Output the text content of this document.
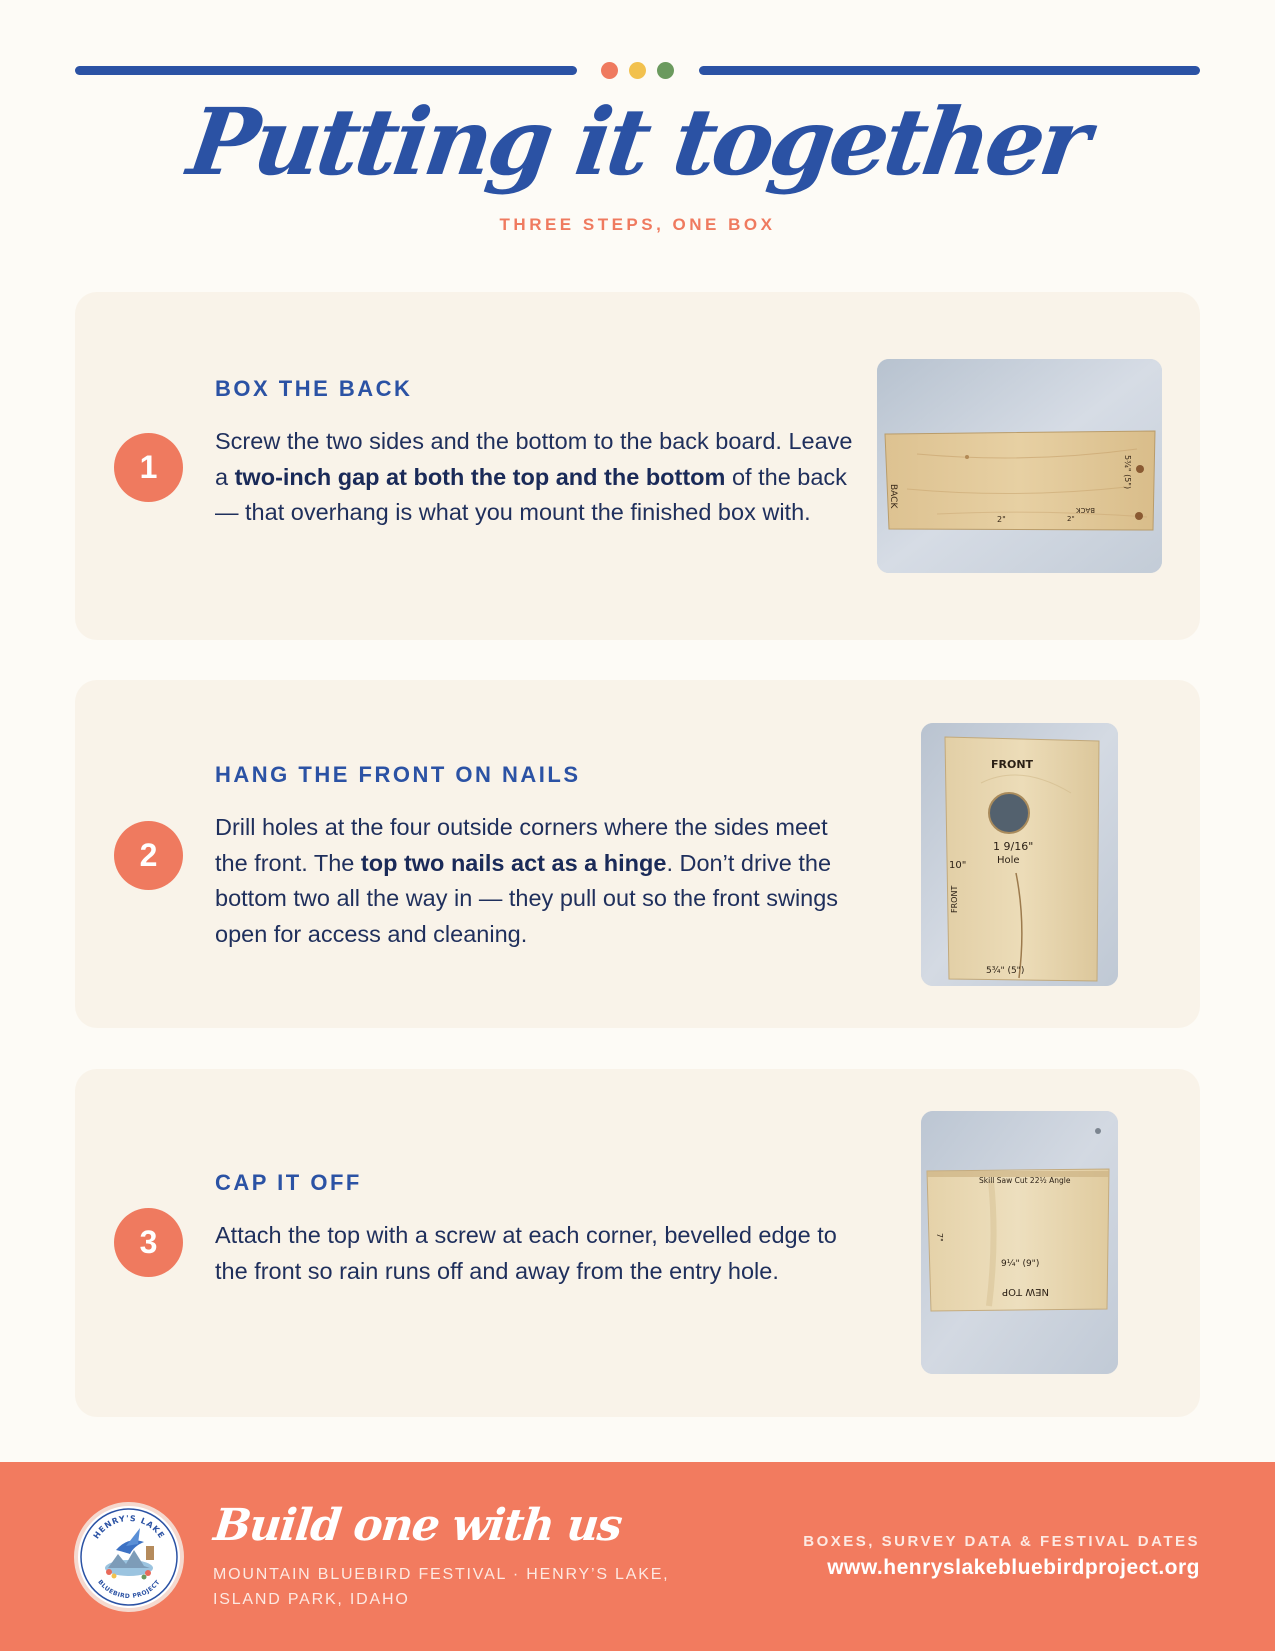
Putting it together
THREE STEPS, ONE BOX
1
BOX THE BACK

Screw the two sides and the bottom to the back board. Leave a two-inch gap at both the top and the bottom of the back — that overhang is what you mount the finished box with.

BACK
5¾" (5")
2"	2"
BACK
2
HANG THE FRONT ON NAILS

Drill holes at the four outside corners where the sides meet the front. The top two nails act as a hinge. Don’t drive the bottom two all the way in — they pull out so the front swings open for access and cleaning.

FRONT
1 9/16"
Hole
10"
FRONT
5¾" (5")
3
CAP IT OFF

Attach the top with a screw at each corner, bevelled edge to the front so rain runs off and away from the entry hole.

Skill Saw Cut 22½ Angle
7"
9¼" (9")
NEW TOP
HENRY'S LAKE
BLUEBIRD PROJECT
Build one with us
MOUNTAIN BLUEBIRD FESTIVAL · HENRY’S LAKE, ISLAND PARK, IDAHO
BOXES, SURVEY DATA & FESTIVAL DATES
www.henryslakebluebirdproject.org
